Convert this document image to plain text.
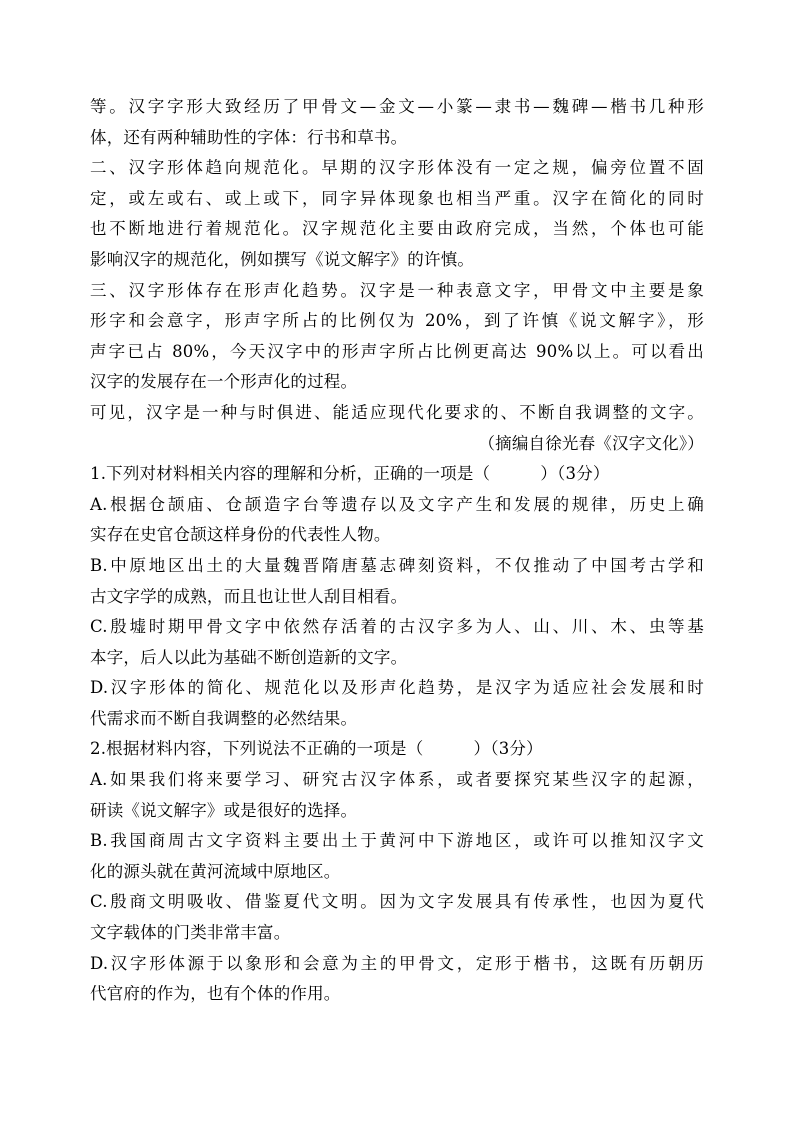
等。汉字字形大致经历了甲骨文—金文—小篆—隶书—魏碑—楷书几种形
体，还有两种辅助性的字体：行书和草书。
二、汉字形体趋向规范化。早期的汉字形体没有一定之规，偏旁位置不固
定，或左或右、或上或下，同字异体现象也相当严重。汉字在简化的同时
也不断地进行着规范化。汉字规范化主要由政府完成，当然，个体也可能
影响汉字的规范化，例如撰写《说文解字》的许慎。
三、汉字形体存在形声化趋势。汉字是一种表意文字，甲骨文中主要是象
形字和会意字，形声字所占的比例仅为 20%，到了许慎《说文解字》，形
声字已占 80%，今天汉字中的形声字所占比例更高达 90%以上。可以看出
汉字的发展存在一个形声化的过程。
可见，汉字是一种与时俱进、能适应现代化要求的、不断自我调整的文字。
（摘编自徐光春《汉字文化》）
1.下列对材料相关内容的理解和分析，正确的一项是（　　　）（3分）
A.根据仓颉庙、仓颉造字台等遗存以及文字产生和发展的规律，历史上确
实存在史官仓颉这样身份的代表性人物。
B.中原地区出土的大量魏晋隋唐墓志碑刻资料，不仅推动了中国考古学和
古文字学的成熟，而且也让世人刮目相看。
C.殷墟时期甲骨文字中依然存活着的古汉字多为人、山、川、木、虫等基
本字，后人以此为基础不断创造新的文字。
D.汉字形体的简化、规范化以及形声化趋势，是汉字为适应社会发展和时
代需求而不断自我调整的必然结果。
2.根据材料内容，下列说法不正确的一项是（　　　）（3分）
A.如果我们将来要学习、研究古汉字体系，或者要探究某些汉字的起源，
研读《说文解字》或是很好的选择。
B.我国商周古文字资料主要出土于黄河中下游地区，或许可以推知汉字文
化的源头就在黄河流域中原地区。
C.殷商文明吸收、借鉴夏代文明。因为文字发展具有传承性，也因为夏代
文字载体的门类非常丰富。
D.汉字形体源于以象形和会意为主的甲骨文，定形于楷书，这既有历朝历
代官府的作为，也有个体的作用。
